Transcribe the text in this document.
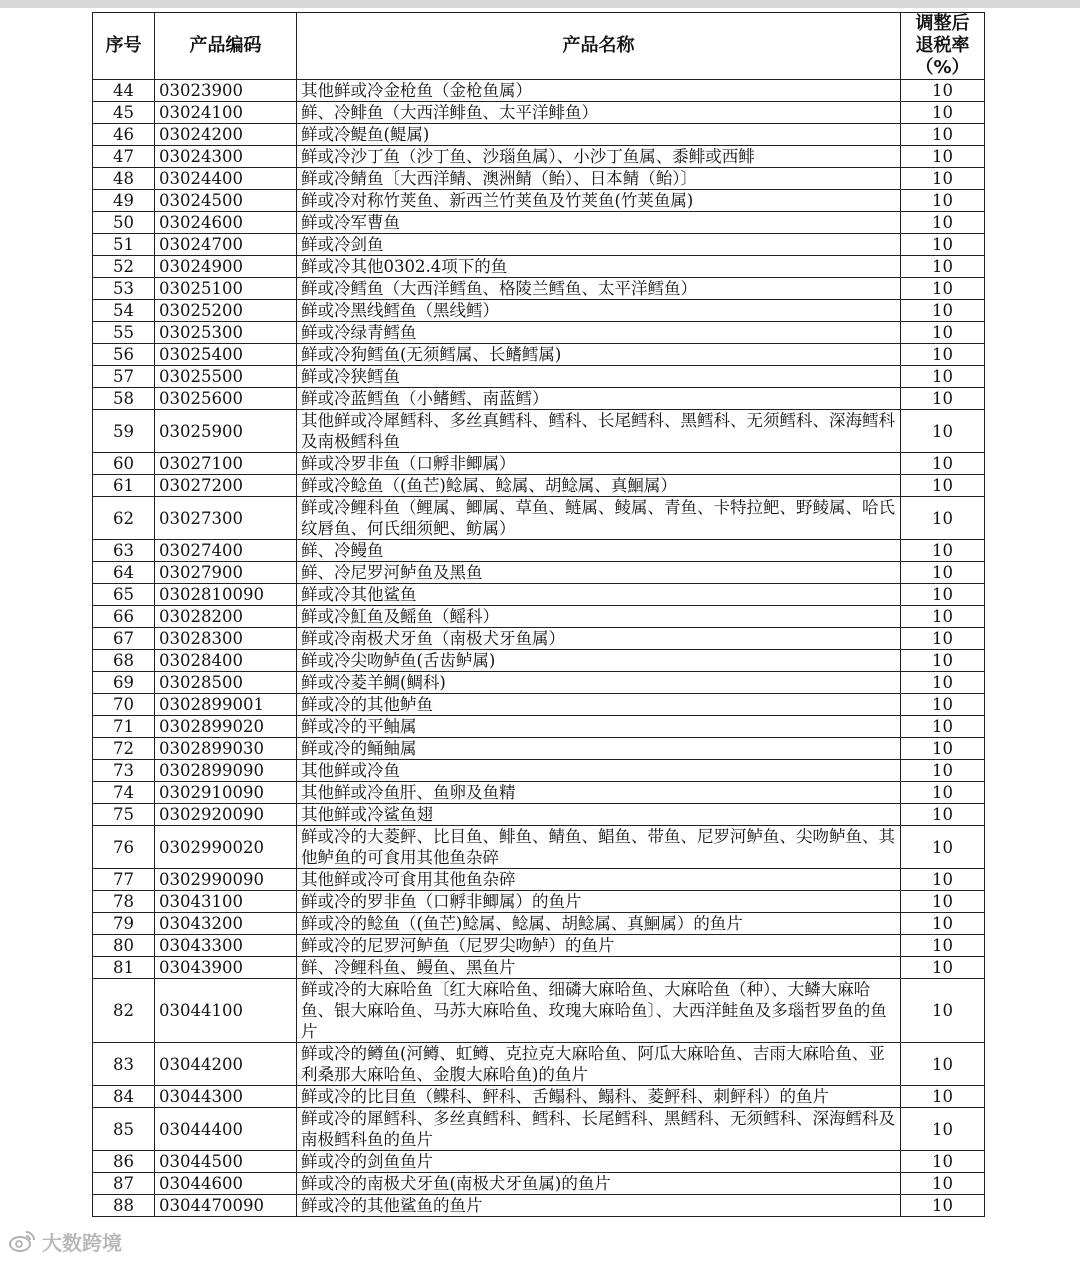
序号	产品编码	产品名称	调整后
退税率
（%）

44	03023900	其他鲜或冷金枪鱼（金枪鱼属）	10
45	03024100	鲜、冷鲱鱼（大西洋鲱鱼、太平洋鲱鱼）	10
46	03024200	鲜或冷鳀鱼(鳀属)	10
47	03024300	鲜或冷沙丁鱼（沙丁鱼、沙瑙鱼属）、小沙丁鱼属、黍鲱或西鲱	10
48	03024400	鲜或冷鲭鱼〔大西洋鲭、澳洲鲭（鲐）、日本鲭（鲐）〕	10
49	03024500	鲜或冷对称竹荚鱼、新西兰竹荚鱼及竹荚鱼(竹荚鱼属)	10
50	03024600	鲜或冷军曹鱼	10
51	03024700	鲜或冷剑鱼	10
52	03024900	鲜或冷其他0302.4项下的鱼	10
53	03025100	鲜或冷鳕鱼（大西洋鳕鱼、格陵兰鳕鱼、太平洋鳕鱼）	10
54	03025200	鲜或冷黑线鳕鱼（黑线鳕）	10
55	03025300	鲜或冷绿青鳕鱼	10
56	03025400	鲜或冷狗鳕鱼(无须鳕属、长鳍鳕属)	10
57	03025500	鲜或冷狭鳕鱼	10
58	03025600	鲜或冷蓝鳕鱼（小鳍鳕、南蓝鳕）	10
59	03025900	其他鲜或冷犀鳕科、多丝真鳕科、鳕科、长尾鳕科、黑鳕科、无须鳕科、深海鳕科及南极鳕科鱼	10
60	03027100	鲜或冷罗非鱼（口孵非鲫属）	10
61	03027200	鲜或冷鲶鱼（(鱼芒)鲶属、鲶属、胡鲶属、真鮰属）	10
62	03027300	鲜或冷鲤科鱼（鲤属、鲫属、草鱼、鲢属、鲮属、青鱼、卡特拉鲃、野鲮属、哈氏纹唇鱼、何氏细须鲃、鲂属）	10
63	03027400	鲜、冷鳗鱼	10
64	03027900	鲜、冷尼罗河鲈鱼及黑鱼	10
65	0302810090	鲜或冷其他鲨鱼	10
66	03028200	鲜或冷魟鱼及鳐鱼（鳐科）	10
67	03028300	鲜或冷南极犬牙鱼（南极犬牙鱼属）	10
68	03028400	鲜或冷尖吻鲈鱼(舌齿鲈属)	10
69	03028500	鲜或冷菱羊鲷(鲷科)	10
70	0302899001	鲜或冷的其他鲈鱼	10
71	0302899020	鲜或冷的平鲉属	10
72	0302899030	鲜或冷的鲬鲉属	10
73	0302899090	其他鲜或冷鱼	10
74	0302910090	其他鲜或冷鱼肝、鱼卵及鱼精	10
75	0302920090	其他鲜或冷鲨鱼翅	10
76	0302990020	鲜或冷的大菱鲆、比目鱼、鲱鱼、鲭鱼、鲳鱼、带鱼、尼罗河鲈鱼、尖吻鲈鱼、其他鲈鱼的可食用其他鱼杂碎	10
77	0302990090	其他鲜或冷可食用其他鱼杂碎	10
78	03043100	鲜或冷的罗非鱼（口孵非鲫属）的鱼片	10
79	03043200	鲜或冷的鲶鱼（(鱼芒)鲶属、鲶属、胡鲶属、真鮰属）的鱼片	10
80	03043300	鲜或冷的尼罗河鲈鱼（尼罗尖吻鲈）的鱼片	10
81	03043900	鲜、冷鲤科鱼、鳗鱼、黑鱼片	10
82	03044100	鲜或冷的大麻哈鱼〔红大麻哈鱼、细磷大麻哈鱼、大麻哈鱼（种）、大鳞大麻哈鱼、银大麻哈鱼、马苏大麻哈鱼、玫瑰大麻哈鱼〕、大西洋鲑鱼及多瑙哲罗鱼的鱼片	10
83	03044200	鲜或冷的鳟鱼(河鳟、虹鳟、克拉克大麻哈鱼、阿瓜大麻哈鱼、吉雨大麻哈鱼、亚利桑那大麻哈鱼、金腹大麻哈鱼)的鱼片	10
84	03044300	鲜或冷的比目鱼（鲽科、鲆科、舌鳎科、鳎科、菱鲆科、刺鲆科）的鱼片	10
85	03044400	鲜或冷的犀鳕科、多丝真鳕科、鳕科、长尾鳕科、黑鳕科、无须鳕科、深海鳕科及南极鳕科鱼的鱼片	10
86	03044500	鲜或冷的剑鱼鱼片	10
87	03044600	鲜或冷的南极犬牙鱼(南极犬牙鱼属)的鱼片	10
88	0304470090	鲜或冷的其他鲨鱼的鱼片	10
大数跨境
